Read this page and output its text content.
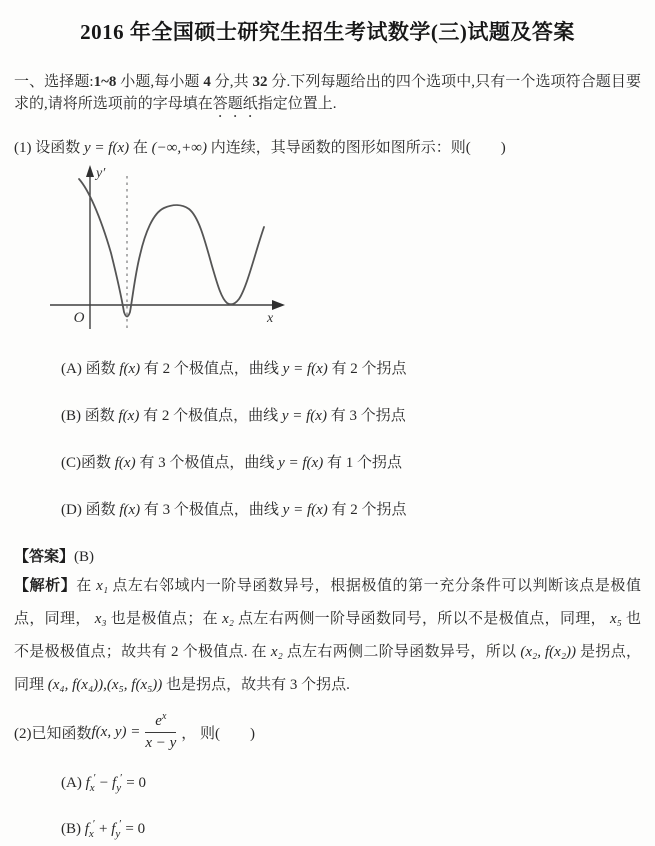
2016 年全国硕士研究生招生考试数学(三)试题及答案

一、选择题:1~8 小题,每小题 4 分,共 32 分.下列每题给出的四个选项中,只有一个选项符合题目要求的,请将所选项前的字母填在答题纸指定位置上.

(1) 设函数 y = f(x) 在 (−∞,+∞) 内连续，其导函数的图形如图所示：则(　　)

y′
O	x

(A) 函数 f(x) 有 2 个极值点，曲线 y = f(x) 有 2 个拐点

(B) 函数 f(x) 有 2 个极值点，曲线 y = f(x) 有 3 个拐点

(C)函数 f(x) 有 3 个极值点，曲线 y = f(x) 有 1 个拐点

(D) 函数 f(x) 有 3 个极值点，曲线 y = f(x) 有 2 个拐点

【答案】(B)

【解析】在 x₁ 点左右邻域内一阶导函数异号，根据极值的第一充分条件可以判断该点是极值点，同理， x₃ 也是极值点；在 x₂ 点左右两侧一阶导函数同号，所以不是极值点，同理， x₅ 也不是极极值点；故共有 2 个极值点. 在 x₂ 点左右两侧二阶导函数异号，所以 (x₂, f(x₂)) 是拐点，同理 (x₄, f(x₄)),(x₅, f(x₅)) 也是拐点，故共有 3 个拐点.

(2)已知函数 f(x, $y) = \frac{e^x}{x - y}$ ， 则(　　)

(A) $f_x' - f_y' = 0$

(B) $f_x' + f_y' = 0$
